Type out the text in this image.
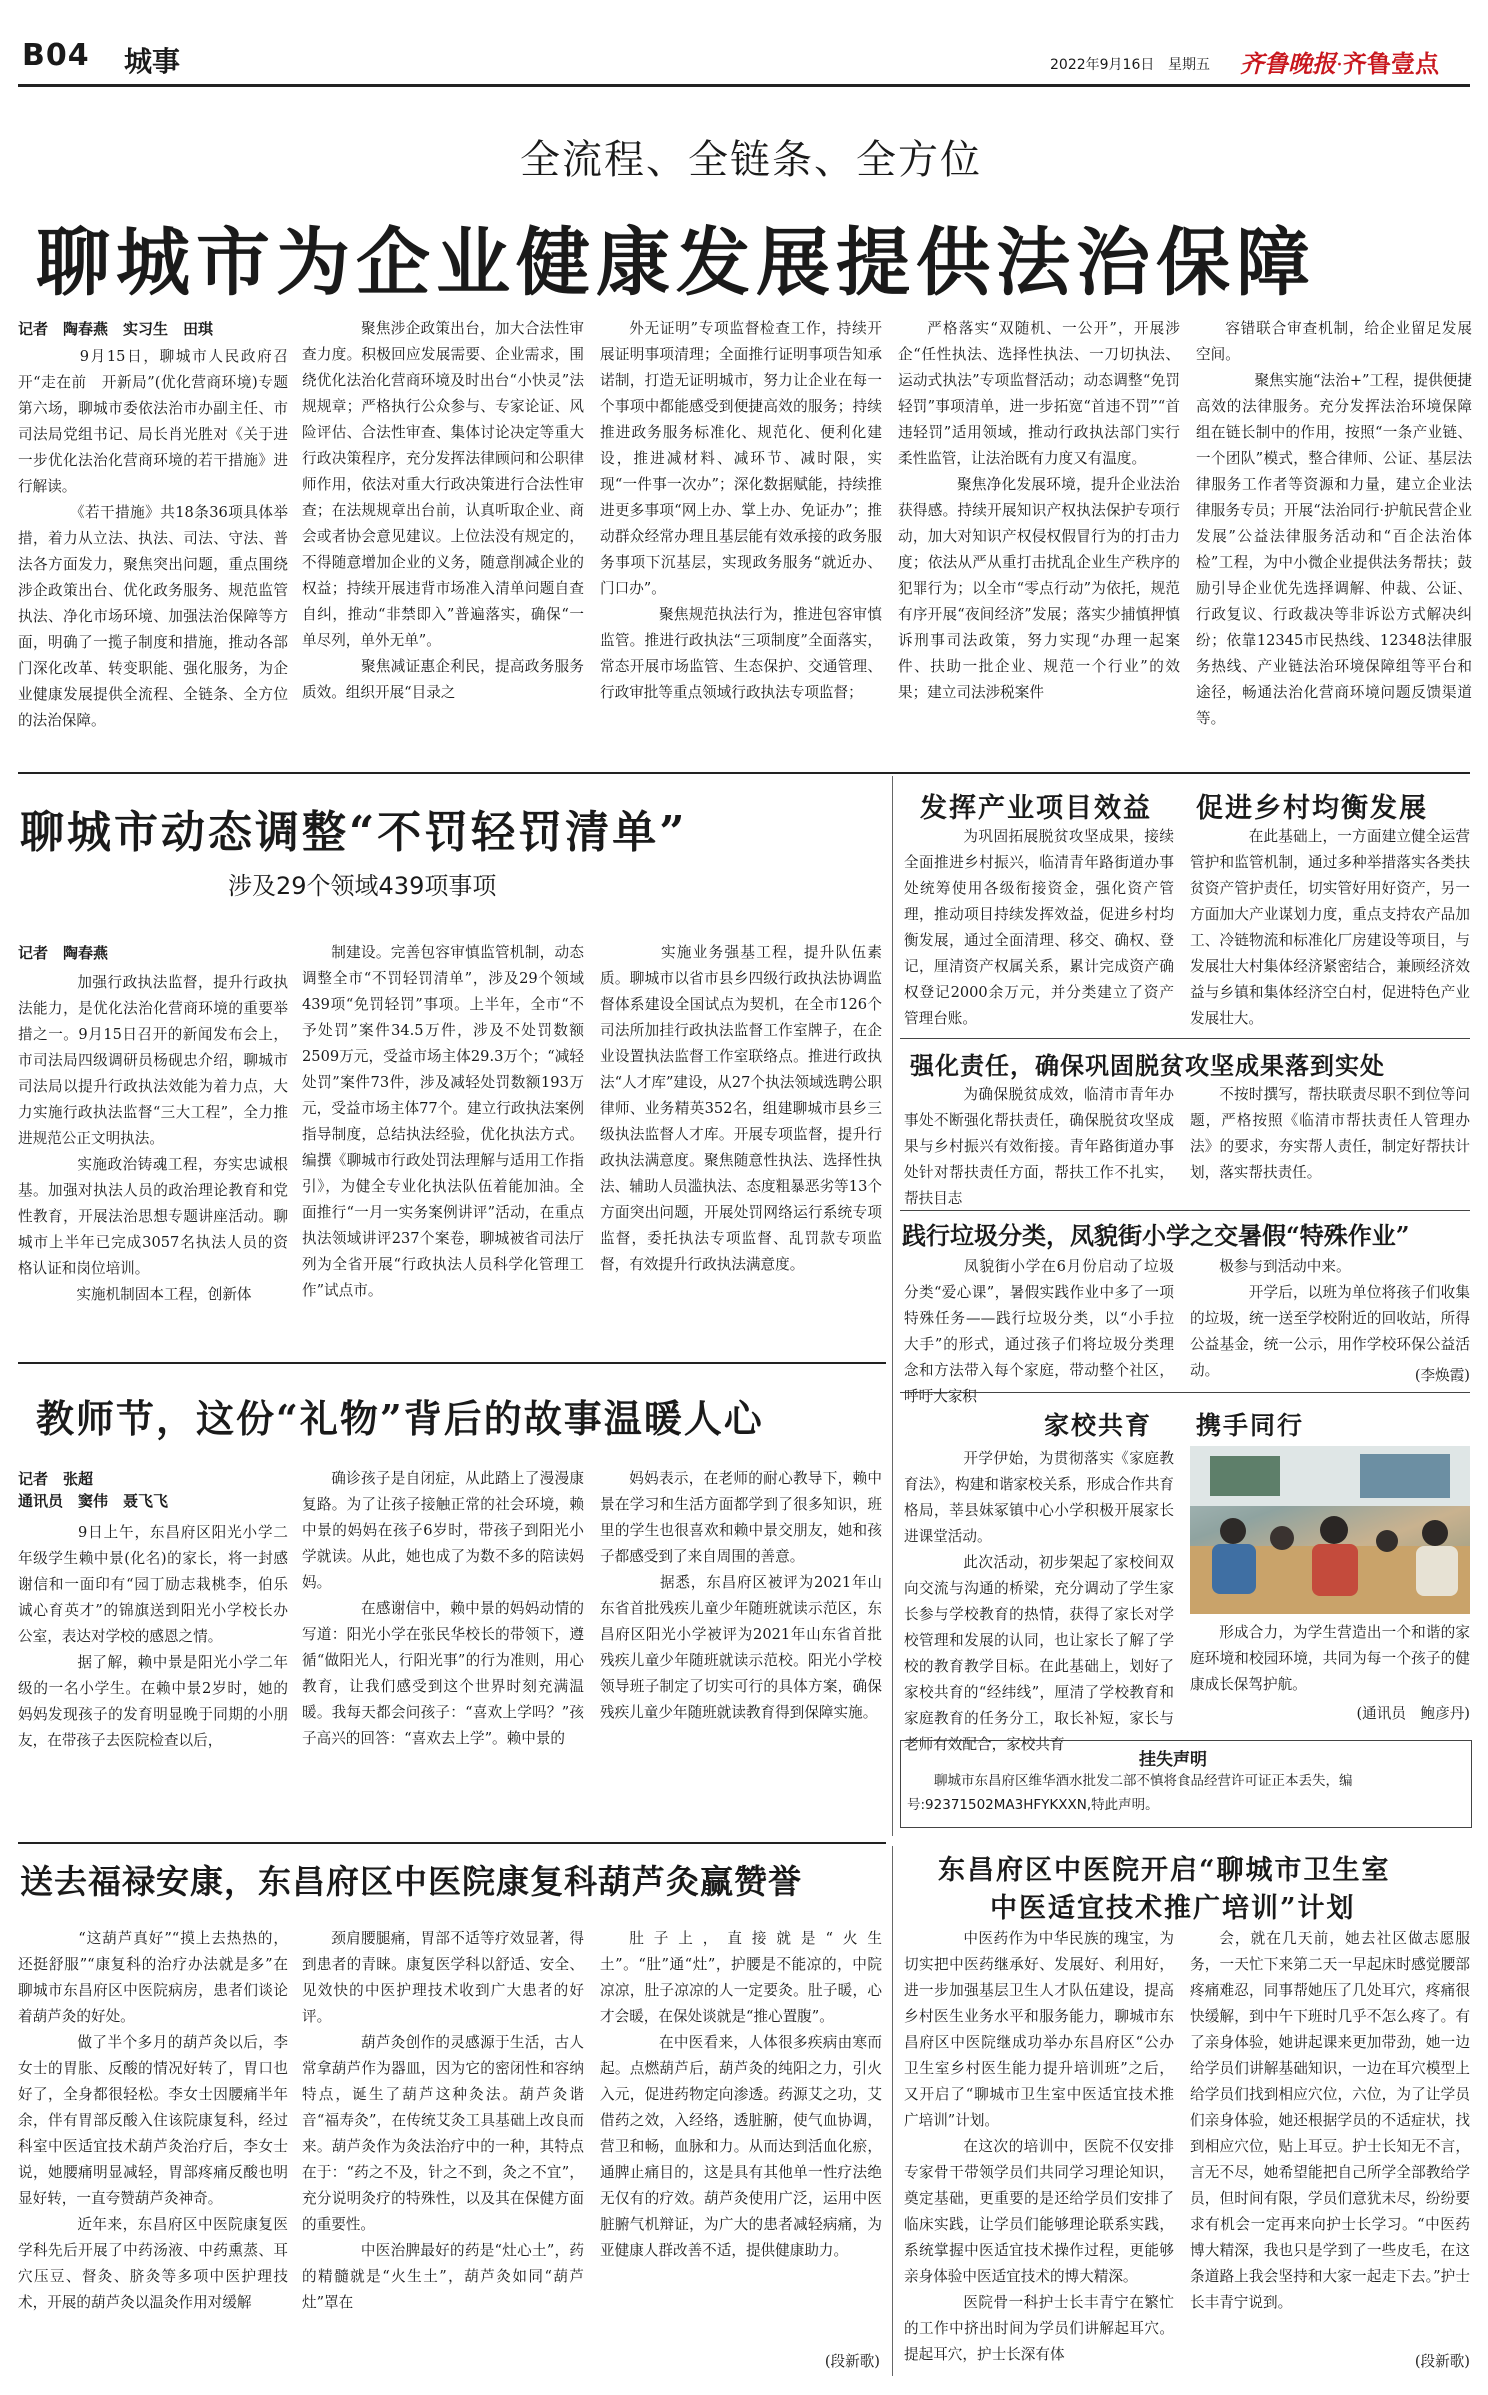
B04 城事	2022年9月16日 星期五 齐鲁晚报·齐鲁壹点
全流程、全链条、全方位
聊城市为企业健康发展提供法治保障
记者　陶春燕　实习生　田琪

　　9月15日，聊城市人民政府召开“走在前　开新局”(优化营商环境)专题第六场，聊城市委依法治市办副主任、市司法局党组书记、局长肖光胜对《关于进一步优化法治化营商环境的若干措施》进行解读。

　　《若干措施》共18条36项具体举措，着力从立法、执法、司法、守法、普法各方面发力，聚焦突出问题，重点围绕涉企政策出台、优化政务服务、规范监管执法、净化市场环境、加强法治保障等方面，明确了一揽子制度和措施，推动各部门深化改革、转变职能、强化服务，为企业健康发展提供全流程、全链条、全方位的法治保障。

　　聚焦涉企政策出台，加大合法性审查力度。积极回应发展需要、企业需求，围绕优化法治化营商环境及时出台“小快灵”法规规章；严格执行公众参与、专家论证、风险评估、合法性审查、集体讨论决定等重大行政决策程序，充分发挥法律顾问和公职律师作用，依法对重大行政决策进行合法性审查；在法规规章出台前，认真听取企业、商会或者协会意见建议。上位法没有规定的，不得随意增加企业的义务，随意削减企业的权益；持续开展违背市场准入清单问题自查自纠，推动“非禁即入”普遍落实，确保“一单尽列，单外无单”。

　　聚焦减证惠企利民，提高政务服务质效。组织开展“目录之

外无证明”专项监督检查工作，持续开展证明事项清理；全面推行证明事项告知承诺制，打造无证明城市，努力让企业在每一个事项中都能感受到便捷高效的服务；持续推进政务服务标准化、规范化、便利化建设，推进减材料、减环节、减时限，实现“一件事一次办”；深化数据赋能，持续推进更多事项“网上办、掌上办、免证办”；推动群众经常办理且基层能有效承接的政务服务事项下沉基层，实现政务服务“就近办、门口办”。

　　聚焦规范执法行为，推进包容审慎监管。推进行政执法“三项制度”全面落实，常态开展市场监管、生态保护、交通管理、行政审批等重点领域行政执法专项监督；

严格落实“双随机、一公开”，开展涉企“任性执法、选择性执法、一刀切执法、运动式执法”专项监督活动；动态调整“免罚轻罚”事项清单，进一步拓宽“首违不罚”“首违轻罚”适用领域，推动行政执法部门实行柔性监管，让法治既有力度又有温度。

　　聚焦净化发展环境，提升企业法治获得感。持续开展知识产权执法保护专项行动，加大对知识产权侵权假冒行为的打击力度；依法从严从重打击扰乱企业生产秩序的犯罪行为；以全市“零点行动”为依托，规范有序开展“夜间经济”发展；落实少捕慎押慎诉刑事司法政策，努力实现“办理一起案件、扶助一批企业、规范一个行业”的效果；建立司法涉税案件

容错联合审查机制，给企业留足发展空间。

　　聚焦实施“法治+”工程，提供便捷高效的法律服务。充分发挥法治环境保障组在链长制中的作用，按照“一条产业链、一个团队”模式，整合律师、公证、基层法律服务工作者等资源和力量，建立企业法律服务专员；开展“法治同行·护航民营企业发展”公益法律服务活动和“百企法治体检”工程，为中小微企业提供法务帮扶；鼓励引导企业优先选择调解、仲裁、公证、行政复议、行政裁决等非诉讼方式解决纠纷；依靠12345市民热线、12348法律服务热线、产业链法治环境保障组等平台和途径，畅通法治化营商环境问题反馈渠道等。

聊城市动态调整“不罚轻罚清单”
涉及29个领域439项事项
记者　陶春燕

　　加强行政执法监督，提升行政执法能力，是优化法治化营商环境的重要举措之一。9月15日召开的新闻发布会上，市司法局四级调研员杨砚忠介绍，聊城市司法局以提升行政执法效能为着力点，大力实施行政执法监督“三大工程”，全力推进规范公正文明执法。

　　实施政治铸魂工程，夯实忠诚根基。加强对执法人员的政治理论教育和党性教育，开展法治思想专题讲座活动。聊城市上半年已完成3057名执法人员的资格认证和岗位培训。

　　实施机制固本工程，创新体

制建设。完善包容审慎监管机制，动态调整全市“不罚轻罚清单”，涉及29个领域439项“免罚轻罚”事项。上半年，全市“不予处罚”案件34.5万件，涉及不处罚数额2509万元，受益市场主体29.3万个；“减轻处罚”案件73件，涉及减轻处罚数额193万元，受益市场主体77个。建立行政执法案例指导制度，总结执法经验，优化执法方式。编撰《聊城市行政处罚法理解与适用工作指引》，为健全专业化执法队伍着能加油。全面推行“一月一实务案例讲评”活动，在重点执法领域讲评237个案卷，聊城被省司法厅列为全省开展“行政执法人员科学化管理工作”试点市。

　　实施业务强基工程，提升队伍素质。聊城市以省市县乡四级行政执法协调监督体系建设全国试点为契机，在全市126个司法所加挂行政执法监督工作室牌子，在企业设置执法监督工作室联络点。推进行政执法“人才库”建设，从27个执法领域选聘公职律师、业务精英352名，组建聊城市县乡三级执法监督人才库。开展专项监督，提升行政执法满意度。聚焦随意性执法、选择性执法、辅助人员滥执法、态度粗暴恶劣等13个方面突出问题，开展处罚网络运行系统专项监督，委托执法专项监督、乱罚款专项监督，有效提升行政执法满意度。

教师节，这份“礼物”背后的故事温暖人心
记者　张超
通讯员　窦伟　聂飞飞

　　9日上午，东昌府区阳光小学二年级学生赖中景(化名)的家长，将一封感谢信和一面印有“园丁励志栽桃李，伯乐诚心育英才”的锦旗送到阳光小学校长办公室，表达对学校的感恩之情。

　　据了解，赖中景是阳光小学二年级的一名小学生。在赖中景2岁时，她的妈妈发现孩子的发育明显晚于同期的小朋友，在带孩子去医院检查以后，

确诊孩子是自闭症，从此踏上了漫漫康复路。为了让孩子接触正常的社会环境，赖中景的妈妈在孩子6岁时，带孩子到阳光小学就读。从此，她也成了为数不多的陪读妈妈。

　　在感谢信中，赖中景的妈妈动情的写道：阳光小学在张民华校长的带领下，遵循“做阳光人，行阳光事”的行为准则，用心教育，让我们感受到这个世界时刻充满温暖。我每天都会问孩子：“喜欢上学吗？”孩子高兴的回答：“喜欢去上学”。赖中景的

妈妈表示，在老师的耐心教导下，赖中景在学习和生活方面都学到了很多知识，班里的学生也很喜欢和赖中景交朋友，她和孩子都感受到了来自周围的善意。

　　据悉，东昌府区被评为2021年山东省首批残疾儿童少年随班就读示范区，东昌府区阳光小学被评为2021年山东省首批残疾儿童少年随班就读示范校。阳光小学校领导班子制定了切实可行的具体方案，确保残疾儿童少年随班就读教育得到保障实施。

送去福禄安康，东昌府区中医院康复科葫芦灸赢赞誉

　　“这葫芦真好”“摸上去热热的，还挺舒服”“康复科的治疗办法就是多”在聊城市东昌府区中医院病房，患者们谈论着葫芦灸的好处。

　　做了半个多月的葫芦灸以后，李女士的胃胀、反酸的情况好转了，胃口也好了，全身都很轻松。李女士因腰痛半年余，伴有胃部反酸入住该院康复科，经过科室中医适宜技术葫芦灸治疗后，李女士说，她腰痛明显减轻，胃部疼痛反酸也明显好转，一直夸赞葫芦灸神奇。

　　近年来，东昌府区中医院康复医学科先后开展了中药汤液、中药熏蒸、耳穴压豆、督灸、脐灸等多项中医护理技术，开展的葫芦灸以温灸作用对缓解

颈肩腰腿痛，胃部不适等疗效显著，得到患者的青睐。康复医学科以舒适、安全、见效快的中医护理技术收到广大患者的好评。

　　葫芦灸创作的灵感源于生活，古人常拿葫芦作为器皿，因为它的密闭性和容纳特点，诞生了葫芦这种灸法。葫芦灸谐音“福寿灸”，在传统艾灸工具基础上改良而来。葫芦灸作为灸法治疗中的一种，其特点在于：“药之不及，针之不到，灸之不宜”，充分说明灸疗的特殊性，以及其在保健方面的重要性。

　　中医治脾最好的药是“灶心土”，药的精髓就是“火生土”，葫芦灸如同“葫芦灶”罩在

肚子上，直接就是“火生土”。“肚”通“灶”，护腰是不能凉的，中院凉凉，肚子凉凉的人一定要灸。肚子暖，心才会暖，在保处谈就是“推心置腹”。

　　在中医看来，人体很多疾病由寒而起。点燃葫芦后，葫芦灸的纯阳之力，引火入元，促进药物定向渗透。药源艾之功，艾借药之效，入经络，透脏腑，使气血协调，营卫和畅，血脉和力。从而达到活血化瘀，通脾止痛目的，这是具有其他单一性疗法绝无仅有的疗效。葫芦灸使用广泛，运用中医脏腑气机辩证，为广大的患者减轻病痛，为亚健康人群改善不适，提供健康助力。

(段新歌)
发挥产业项目效益 促进乡村均衡发展

　　为巩固拓展脱贫攻坚成果，接续全面推进乡村振兴，临清青年路街道办事处统筹使用各级衔接资金，强化资产管理，推动项目持续发挥效益，促进乡村均衡发展，通过全面清理、移交、确权、登记，厘清资产权属关系，累计完成资产确权登记2000余万元，并分类建立了资产管理台账。

　　在此基础上，一方面建立健全运营管护和监管机制，通过多种举措落实各类扶贫资产管护责任，切实管好用好资产，另一方面加大产业谋划力度，重点支持农产品加工、冷链物流和标准化厂房建设等项目，与发展壮大村集体经济紧密结合，兼顾经济效益与乡镇和集体经济空白村，促进特色产业发展壮大。

强化责任，确保巩固脱贫攻坚成果落到实处

　　为确保脱贫成效，临清市青年办事处不断强化帮扶责任，确保脱贫攻坚成果与乡村振兴有效衔接。青年路街道办事处针对帮扶责任方面，帮扶工作不扎实，帮扶目志

不按时撰写，帮扶联责尽职不到位等问题，严格按照《临清市帮扶责任人管理办法》的要求，夯实帮人责任，制定好帮扶计划，落实帮扶责任。

践行垃圾分类，凤貌街小学之交暑假“特殊作业”

　　凤貌街小学在6月份启动了垃圾分类“爱心课”，暑假实践作业中多了一项特殊任务——践行垃圾分类，以“小手拉大手”的形式，通过孩子们将垃圾分类理念和方法带入每个家庭，带动整个社区，呼吁大家积

极参与到活动中来。

　　开学后，以班为单位将孩子们收集的垃圾，统一送至学校附近的回收站，所得公益基金，统一公示，用作学校环保公益活动。	(李焕霞)
家校共育 携手同行

　　开学伊始，为贯彻落实《家庭教育法》，构建和谐家校关系，形成合作共育格局，莘县妹冢镇中心小学积极开展家长进课堂活动。

　　此次活动，初步架起了家校间双向交流与沟通的桥梁，充分调动了学生家长参与学校教育的热情，获得了家长对学校管理和发展的认同，也让家长了解了学校的教育教学目标。在此基础上，划好了家校共育的“经纬线”，厘清了学校教育和家庭教育的任务分工，取长补短，家长与老师有效配合，家校共育

形成合力，为学生营造出一个和谐的家庭环境和校园环境，共同为每一个孩子的健康成长保驾护航。

(通讯员　鲍彦丹)
挂失声明
　　聊城市东昌府区维华酒水批发二部不慎将食品经营许可证正本丢失，编号:92371502MA3HFYKXXN,特此声明。
东昌府区中医院开启“聊城市卫生室
中医适宜技术推广培训”计划

　　中医药作为中华民族的瑰宝，为切实把中医药继承好、发展好、利用好，进一步加强基层卫生人才队伍建设，提高乡村医生业务水平和服务能力，聊城市东昌府区中医院继成功举办东昌府区“公办卫生室乡村医生能力提升培训班”之后，又开启了“聊城市卫生室中医适宜技术推广培训”计划。

　　在这次的培训中，医院不仅安排专家骨干带领学员们共同学习理论知识，奠定基础，更重要的是还给学员们安排了临床实践，让学员们能够理论联系实践，系统掌握中医适宜技术操作过程，更能够亲身体验中医适宜技术的博大精深。

　　医院骨一科护士长丰青宁在繁忙的工作中挤出时间为学员们讲解起耳穴。提起耳穴，护士长深有体

会，就在几天前，她去社区做志愿服务，一天忙下来第二天一早起床时感觉腰部疼痛难忍，同事帮她压了几处耳穴，疼痛很快缓解，到中午下班时几乎不怎么疼了。有了亲身体验，她讲起课来更加带劲，她一边给学员们讲解基础知识，一边在耳穴模型上给学员们找到相应穴位，六位，为了让学员们亲身体验，她还根据学员的不适症状，找到相应穴位，贴上耳豆。护士长知无不言，言无不尽，她希望能把自己所学全部教给学员，但时间有限，学员们意犹未尽，纷纷要求有机会一定再来向护士长学习。“中医药博大精深，我也只是学到了一些皮毛，在这条道路上我会坚持和大家一起走下去。”护士长丰青宁说到。

(段新歌)
